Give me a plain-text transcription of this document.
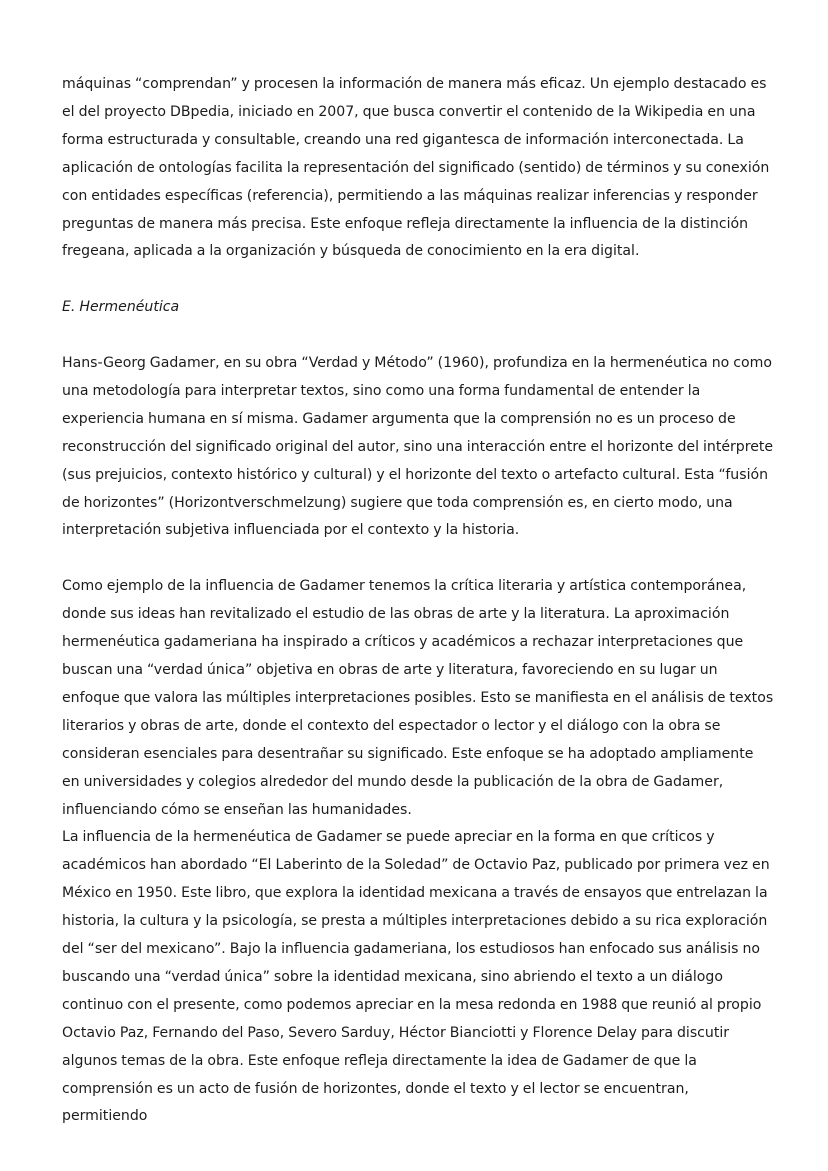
máquinas “comprendan” y procesen la información de manera más eficaz. Un ejemplo destacado es el del proyecto DBpedia, iniciado en 2007, que busca convertir el contenido de la Wikipedia en una forma estructurada y consultable, creando una red gigantesca de información interconectada. La aplicación de ontologías facilita la representación del significado (sentido) de términos y su conexión con entidades específicas (referencia), permitiendo a las máquinas realizar inferencias y responder preguntas de manera más precisa. Este enfoque refleja directamente la influencia de la distinción fregeana, aplicada a la organización y búsqueda de conocimiento en la era digital.

E. Hermenéutica

Hans-Georg Gadamer, en su obra “Verdad y Método” (1960), profundiza en la hermenéutica no como una metodología para interpretar textos, sino como una forma fundamental de entender la experiencia humana en sí misma. Gadamer argumenta que la comprensión no es un proceso de reconstrucción del significado original del autor, sino una interacción entre el horizonte del intérprete (sus prejuicios, contexto histórico y cultural) y el horizonte del texto o artefacto cultural. Esta “fusión de horizontes” (Horizontverschmelzung) sugiere que toda comprensión es, en cierto modo, una interpretación subjetiva influenciada por el contexto y la historia.

Como ejemplo de la influencia de Gadamer tenemos la crítica literaria y artística contemporánea, donde sus ideas han revitalizado el estudio de las obras de arte y la literatura. La aproximación hermenéutica gadameriana ha inspirado a críticos y académicos a rechazar interpretaciones que buscan una “verdad única” objetiva en obras de arte y literatura, favoreciendo en su lugar un enfoque que valora las múltiples interpretaciones posibles. Esto se manifiesta en el análisis de textos literarios y obras de arte, donde el contexto del espectador o lector y el diálogo con la obra se consideran esenciales para desentrañar su significado. Este enfoque se ha adoptado ampliamente en universidades y colegios alrededor del mundo desde la publicación de la obra de Gadamer, influenciando cómo se enseñan las humanidades.

La influencia de la hermenéutica de Gadamer se puede apreciar en la forma en que críticos y académicos han abordado “El Laberinto de la Soledad” de Octavio Paz, publicado por primera vez en México en 1950. Este libro, que explora la identidad mexicana a través de ensayos que entrelazan la historia, la cultura y la psicología, se presta a múltiples interpretaciones debido a su rica exploración del “ser del mexicano”. Bajo la influencia gadameriana, los estudiosos han enfocado sus análisis no buscando una “verdad única” sobre la identidad mexicana, sino abriendo el texto a un diálogo continuo con el presente, como podemos apreciar en la mesa redonda en 1988 que reunió al propio Octavio Paz, Fernando del Paso, Severo Sarduy, Héctor Bianciotti y Florence Delay para discutir algunos temas de la obra. Este enfoque refleja directamente la idea de Gadamer de que la comprensión es un acto de fusión de horizontes, donde el texto y el lector se encuentran, permitiendo
